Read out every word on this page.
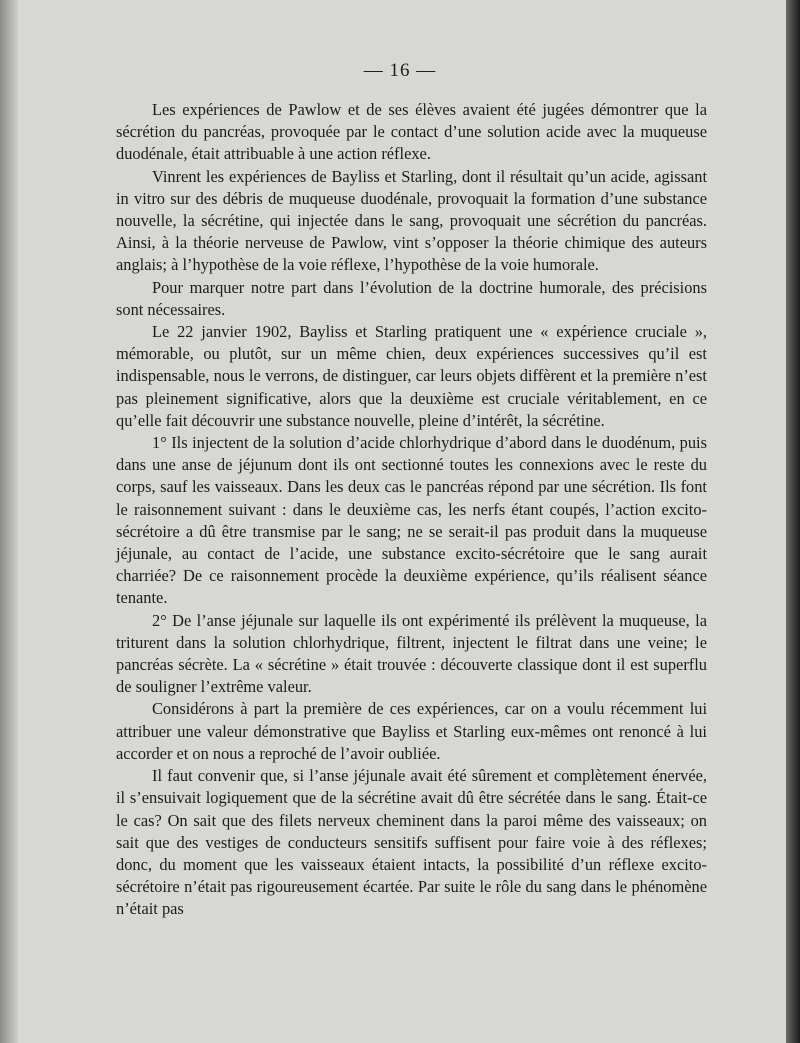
— 16 —

Les expériences de Pawlow et de ses élèves avaient été jugées démontrer que la sécrétion du pancréas, provoquée par le contact d’une solution acide avec la muqueuse duodénale, était attribuable à une action réflexe.

Vinrent les expériences de Bayliss et Starling, dont il résultait qu’un acide, agissant in vitro sur des débris de muqueuse duodénale, provoquait la formation d’une substance nouvelle, la sécrétine, qui injectée dans le sang, provoquait une sécrétion du pancréas. Ainsi, à la théorie nerveuse de Pawlow, vint s’opposer la théorie chimique des auteurs anglais; à l’hypothèse de la voie réflexe, l’hypothèse de la voie humorale.

Pour marquer notre part dans l’évolution de la doctrine humorale, des précisions sont nécessaires.

Le 22 janvier 1902, Bayliss et Starling pratiquent une « expérience cruciale », mémorable, ou plutôt, sur un même chien, deux expériences successives qu’il est indispensable, nous le verrons, de distinguer, car leurs objets diffèrent et la première n’est pas pleinement significative, alors que la deuxième est cruciale véritablement, en ce qu’elle fait découvrir une substance nouvelle, pleine d’intérêt, la sécrétine.

1° Ils injectent de la solution d’acide chlorhydrique d’abord dans le duodénum, puis dans une anse de jéjunum dont ils ont sectionné toutes les connexions avec le reste du corps, sauf les vaisseaux. Dans les deux cas le pancréas répond par une sécrétion. Ils font le raisonnement suivant : dans le deuxième cas, les nerfs étant coupés, l’action excito-sécrétoire a dû être transmise par le sang; ne se serait-il pas produit dans la muqueuse jéjunale, au contact de l’acide, une substance excito-sécrétoire que le sang aurait charriée? De ce raisonnement procède la deuxième expérience, qu’ils réalisent séance tenante.

2° De l’anse jéjunale sur laquelle ils ont expérimenté ils prélèvent la muqueuse, la triturent dans la solution chlorhydrique, filtrent, injectent le filtrat dans une veine; le pancréas sécrète. La « sécrétine » était trouvée : découverte classique dont il est superflu de souligner l’extrême valeur.

Considérons à part la première de ces expériences, car on a voulu récemment lui attribuer une valeur démonstrative que Bayliss et Starling eux-mêmes ont renoncé à lui accorder et on nous a reproché de l’avoir oubliée.

Il faut convenir que, si l’anse jéjunale avait été sûrement et complètement énervée, il s’ensuivait logiquement que de la sécrétine avait dû être sécrétée dans le sang. Était-ce le cas? On sait que des filets nerveux cheminent dans la paroi même des vaisseaux; on sait que des vestiges de conducteurs sensitifs suffisent pour faire voie à des réflexes; donc, du moment que les vaisseaux étaient intacts, la possibilité d’un réflexe excito-sécrétoire n’était pas rigoureusement écartée. Par suite le rôle du sang dans le phénomène n’était pas
